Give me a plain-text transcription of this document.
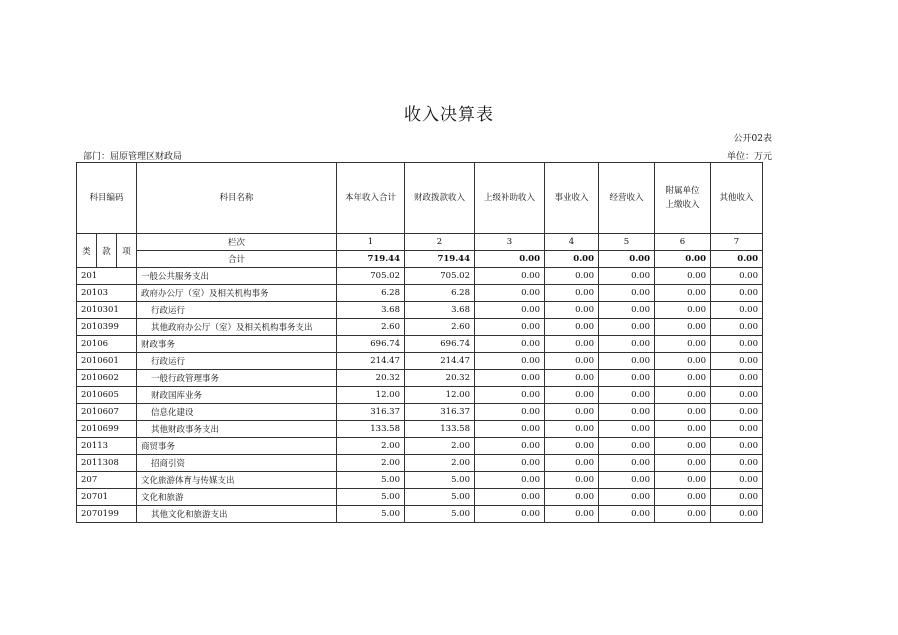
收入决算表
公开02表
部门：屈原管理区财政局	单位：万元
科目编码			科目名称	本年收入合计	财政拨款收入	上级补助收入	事业收入	经营收入	附属单位上缴收入	其他收入
类	款	项	栏次	1	2	3	4	5	6	7
			合计	719.44	719.44	0.00	0.00	0.00	0.00	0.00
201			一般公共服务支出	705.02	705.02	0.00	0.00	0.00	0.00	0.00
20103			政府办公厅（室）及相关机构事务	6.28	6.28	0.00	0.00	0.00	0.00	0.00
2010301			行政运行	3.68	3.68	0.00	0.00	0.00	0.00	0.00
2010399			其他政府办公厅（室）及相关机构事务支出	2.60	2.60	0.00	0.00	0.00	0.00	0.00
20106			财政事务	696.74	696.74	0.00	0.00	0.00	0.00	0.00
2010601			行政运行	214.47	214.47	0.00	0.00	0.00	0.00	0.00
2010602			一般行政管理事务	20.32	20.32	0.00	0.00	0.00	0.00	0.00
2010605			财政国库业务	12.00	12.00	0.00	0.00	0.00	0.00	0.00
2010607			信息化建设	316.37	316.37	0.00	0.00	0.00	0.00	0.00
2010699			其他财政事务支出	133.58	133.58	0.00	0.00	0.00	0.00	0.00
20113			商贸事务	2.00	2.00	0.00	0.00	0.00	0.00	0.00
2011308			招商引资	2.00	2.00	0.00	0.00	0.00	0.00	0.00
207			文化旅游体育与传媒支出	5.00	5.00	0.00	0.00	0.00	0.00	0.00
20701			文化和旅游	5.00	5.00	0.00	0.00	0.00	0.00	0.00
2070199			其他文化和旅游支出	5.00	5.00	0.00	0.00	0.00	0.00	0.00
